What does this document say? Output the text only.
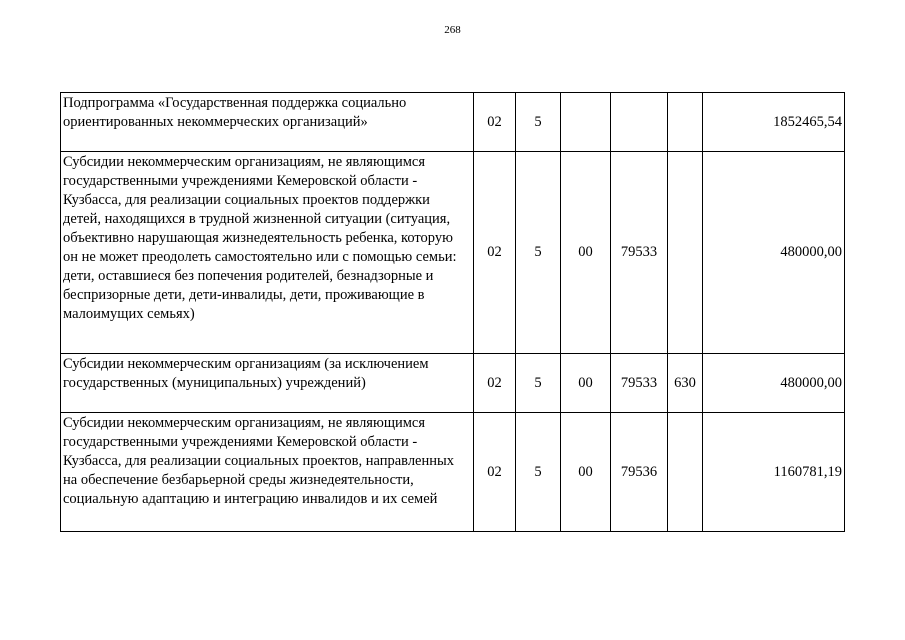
268
Подпрограмма «Государственная поддержка социально ориентированных некоммерческих организаций»	02	5				1852465,54
Субсидии некоммерческим организациям, не являющимся государственными учреждениями Кемеровской области - Кузбасса, для реализации социальных проектов поддержки детей, находящихся в трудной жизненной ситуации (ситуация, объективно нарушающая жизнедеятельность ребенка, которую он не может преодолеть самостоятельно или с помощью семьи: дети, оставшиеся без попечения родителей, безнадзорные и беспризорные дети, дети-инвалиды, дети, проживающие в малоимущих семьях)	02	5	00	79533		480000,00
Субсидии некоммерческим организациям (за исключением государственных (муниципальных) учреждений)	02	5	00	79533	630	480000,00
Субсидии некоммерческим организациям, не являющимся государственными учреждениями Кемеровской области - Кузбасса, для реализации социальных проектов, направленных на обеспечение безбарьерной среды жизнедеятельности, социальную адаптацию и интеграцию инвалидов и их семей	02	5	00	79536		1160781,19
